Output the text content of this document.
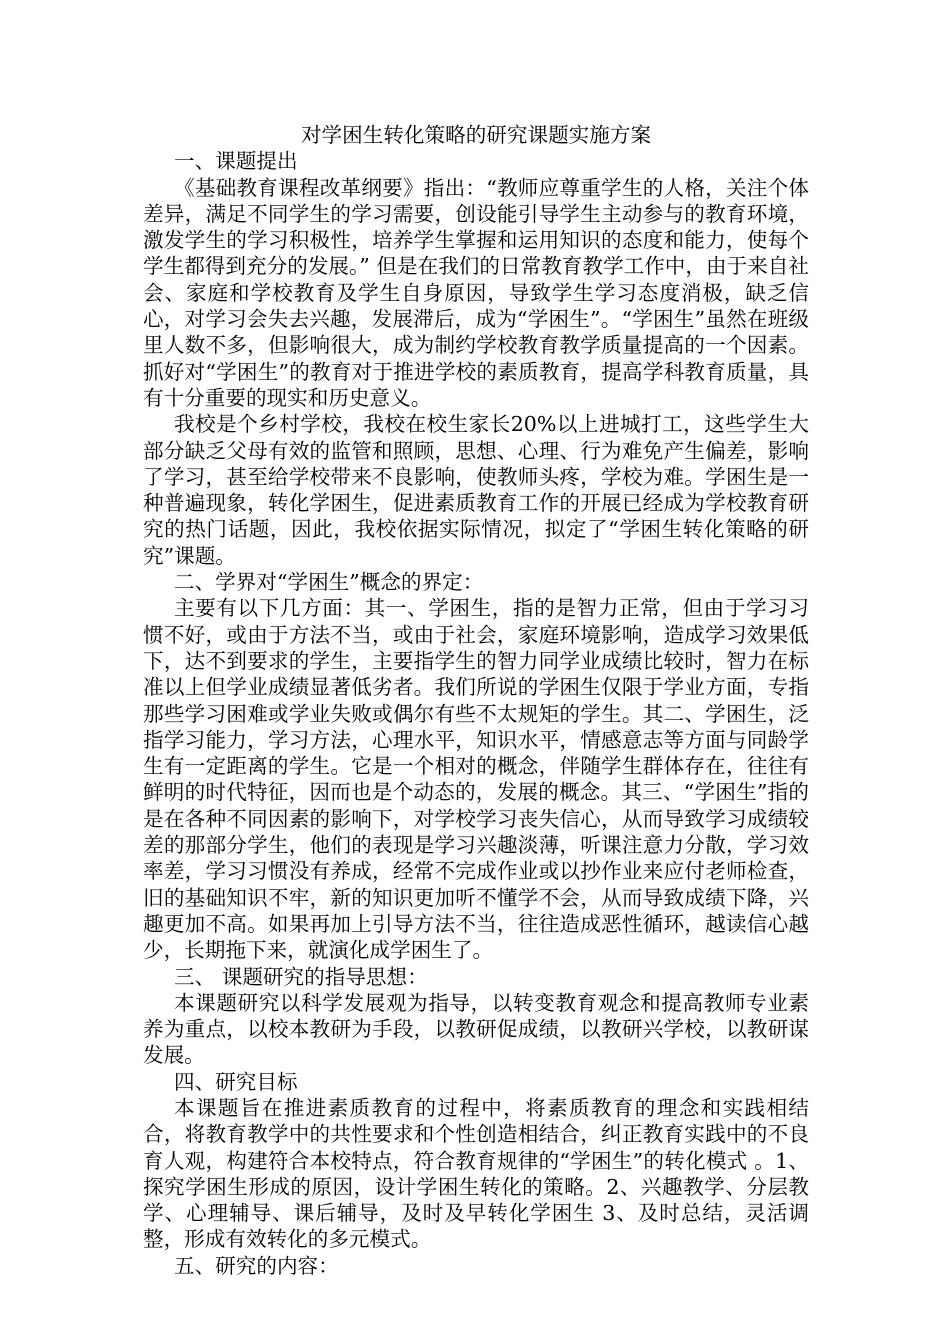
对学困生转化策略的研究课题实施方案

一、课题提出

《基础教育课程改革纲要》指出：“教师应尊重学生的人格，关注个体差异，满足不同学生的学习需要，创设能引导学生主动参与的教育环境，激发学生的学习积极性，培养学生掌握和运用知识的态度和能力，使每个学生都得到充分的发展。” 但是在我们的日常教育教学工作中，由于来自社会、家庭和学校教育及学生自身原因，导致学生学习态度消极，缺乏信心，对学习会失去兴趣，发展滞后，成为“学困生”。“学困生”虽然在班级里人数不多，但影响很大，成为制约学校教育教学质量提高的一个因素。抓好对“学困生”的教育对于推进学校的素质教育，提高学科教育质量，具有十分重要的现实和历史意义。

我校是个乡村学校，我校在校生家长20%以上进城打工，这些学生大部分缺乏父母有效的监管和照顾，思想、心理、行为难免产生偏差，影响了学习，甚至给学校带来不良影响，使教师头疼，学校为难。学困生是一种普遍现象，转化学困生，促进素质教育工作的开展已经成为学校教育研究的热门话题，因此，我校依据实际情况，拟定了“学困生转化策略的研究”课题。

二、学界对“学困生”概念的界定：

主要有以下几方面：其一、学困生，指的是智力正常，但由于学习习惯不好，或由于方法不当，或由于社会，家庭环境影响，造成学习效果低下，达不到要求的学生，主要指学生的智力同学业成绩比较时，智力在标准以上但学业成绩显著低劣者。我们所说的学困生仅限于学业方面，专指那些学习困难或学业失败或偶尔有些不太规矩的学生。其二、学困生，泛指学习能力，学习方法，心理水平，知识水平，情感意志等方面与同龄学生有一定距离的学生。它是一个相对的概念，伴随学生群体存在，往往有鲜明的时代特征，因而也是个动态的，发展的概念。其三、“学困生”指的是在各种不同因素的影响下，对学校学习丧失信心，从而导致学习成绩较差的那部分学生，他们的表现是学习兴趣淡薄，听课注意力分散，学习效率差，学习习惯没有养成，经常不完成作业或以抄作业来应付老师检查，旧的基础知识不牢，新的知识更加听不懂学不会，从而导致成绩下降，兴趣更加不高。如果再加上引导方法不当，往往造成恶性循环，越读信心越少，长期拖下来，就演化成学困生了。

三、 课题研究的指导思想：

本课题研究以科学发展观为指导，以转变教育观念和提高教师专业素养为重点，以校本教研为手段，以教研促成绩，以教研兴学校，以教研谋发展。

四、研究目标

本课题旨在推进素质教育的过程中，将素质教育的理念和实践相结合，将教育教学中的共性要求和个性创造相结合，纠正教育实践中的不良育人观，构建符合本校特点，符合教育规律的“学困生”的转化模式 。1、探究学困生形成的原因，设计学困生转化的策略。2、兴趣教学、分层教学、心理辅导、课后辅导，及时及早转化学困生 3、及时总结，灵活调整，形成有效转化的多元模式。

五、研究的内容：
